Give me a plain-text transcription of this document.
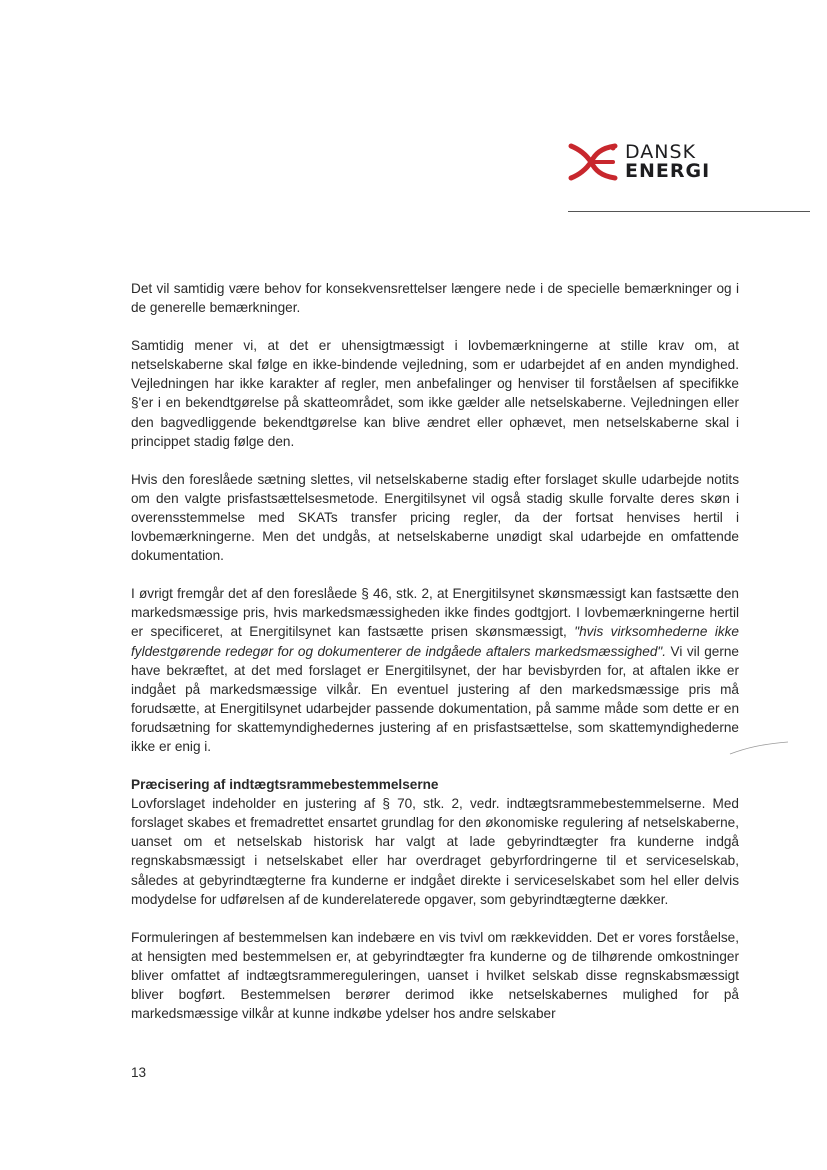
DANSK
ENERGI

Det vil samtidig være behov for konsekvensrettelser længere nede i de specielle bemærkninger og i de generelle bemærkninger.

Samtidig mener vi, at det er uhensigtmæssigt i lovbemærkningerne at stille krav om, at netselskaberne skal følge en ikke-bindende vejledning, som er udarbejdet af en anden myndighed. Vejledningen har ikke karakter af regler, men anbefalinger og henviser til forståelsen af specifikke §'er i en bekendtgørelse på skatteområdet, som ikke gælder alle netselskaberne. Vejledningen eller den bagvedliggende bekendtgørelse kan blive ændret eller ophævet, men netselskaberne skal i princippet stadig følge den.

Hvis den foreslåede sætning slettes, vil netselskaberne stadig efter forslaget skulle udarbejde notits om den valgte prisfastsættelsesmetode. Energitilsynet vil også stadig skulle forvalte deres skøn i overensstemmelse med SKATs transfer pricing regler, da der fortsat henvises hertil i lovbemærkningerne. Men det undgås, at netselskaberne unødigt skal udarbejde en omfattende dokumentation.

I øvrigt fremgår det af den foreslåede § 46, stk. 2, at Energitilsynet skønsmæssigt kan fastsætte den markedsmæssige pris, hvis markedsmæssigheden ikke findes godtgjort. I lovbemærkningerne hertil er specificeret, at Energitilsynet kan fastsætte prisen skønsmæssigt, "hvis virksomhederne ikke fyldestgørende redegør for og dokumenterer de indgåede aftalers markedsmæssighed". Vi vil gerne have bekræftet, at det med forslaget er Energitilsynet, der har bevisbyrden for, at aftalen ikke er indgået på markedsmæssige vilkår. En eventuel justering af den markedsmæssige pris må forudsætte, at Energitilsynet udarbejder passende dokumentation, på samme måde som dette er en forudsætning for skattemyndighedernes justering af en prisfastsættelse, som skattemyndighederne ikke er enig i.

Præcisering af indtægtsrammebestemmelserne

Lovforslaget indeholder en justering af § 70, stk. 2, vedr. indtægtsrammebestemmelserne. Med forslaget skabes et fremadrettet ensartet grundlag for den økonomiske regulering af netselskaberne, uanset om et netselskab historisk har valgt at lade gebyrindtægter fra kunderne indgå regnskabsmæssigt i netselskabet eller har overdraget gebyrfordringerne til et serviceselskab, således at gebyrindtægterne fra kunderne er indgået direkte i serviceselskabet som hel eller delvis modydelse for udførelsen af de kunderelaterede opgaver, som gebyrindtægterne dækker.

Formuleringen af bestemmelsen kan indebære en vis tvivl om rækkevidden. Det er vores forståelse, at hensigten med bestemmelsen er, at gebyrindtægter fra kunderne og de tilhørende omkostninger bliver omfattet af indtægtsrammereguleringen, uanset i hvilket selskab disse regnskabsmæssigt bliver bogført. Bestemmelsen berører derimod ikke netselskabernes mulighed for på markedsmæssige vilkår at kunne indkøbe ydelser hos andre selskaber

13
